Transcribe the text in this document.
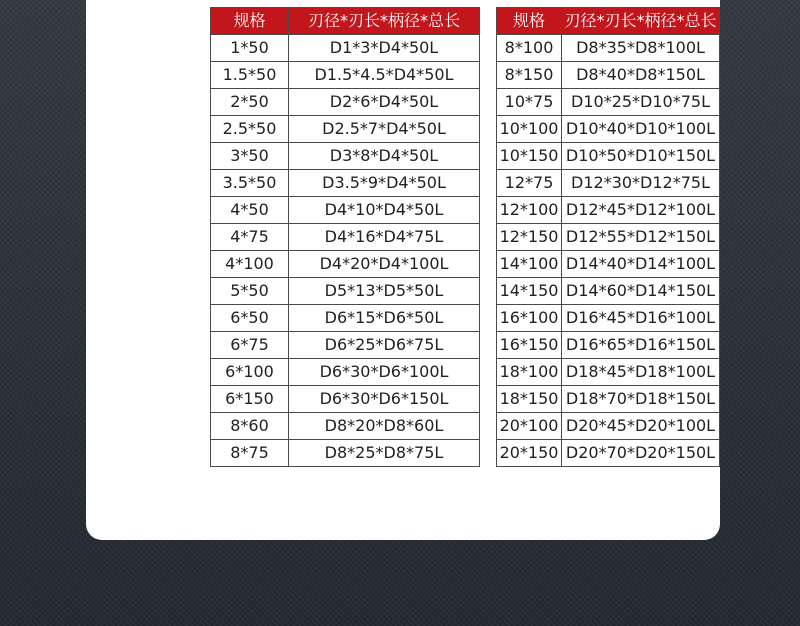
规格	刃径*刃长*柄径*总长
1*50	D1*3*D4*50L
1.5*50	D1.5*4.5*D4*50L
2*50	D2*6*D4*50L
2.5*50	D2.5*7*D4*50L
3*50	D3*8*D4*50L
3.5*50	D3.5*9*D4*50L
4*50	D4*10*D4*50L
4*75	D4*16*D4*75L
4*100	D4*20*D4*100L
5*50	D5*13*D5*50L
6*50	D6*15*D6*50L
6*75	D6*25*D6*75L
6*100	D6*30*D6*100L
6*150	D6*30*D6*150L
8*60	D8*20*D8*60L
8*75	D8*25*D8*75L
规格	刃径*刃长*柄径*总长
8*100	D8*35*D8*100L
8*150	D8*40*D8*150L
10*75	D10*25*D10*75L
10*100	D10*40*D10*100L
10*150	D10*50*D10*150L
12*75	D12*30*D12*75L
12*100	D12*45*D12*100L
12*150	D12*55*D12*150L
14*100	D14*40*D14*100L
14*150	D14*60*D14*150L
16*100	D16*45*D16*100L
16*150	D16*65*D16*150L
18*100	D18*45*D18*100L
18*150	D18*70*D18*150L
20*100	D20*45*D20*100L
20*150	D20*70*D20*150L
